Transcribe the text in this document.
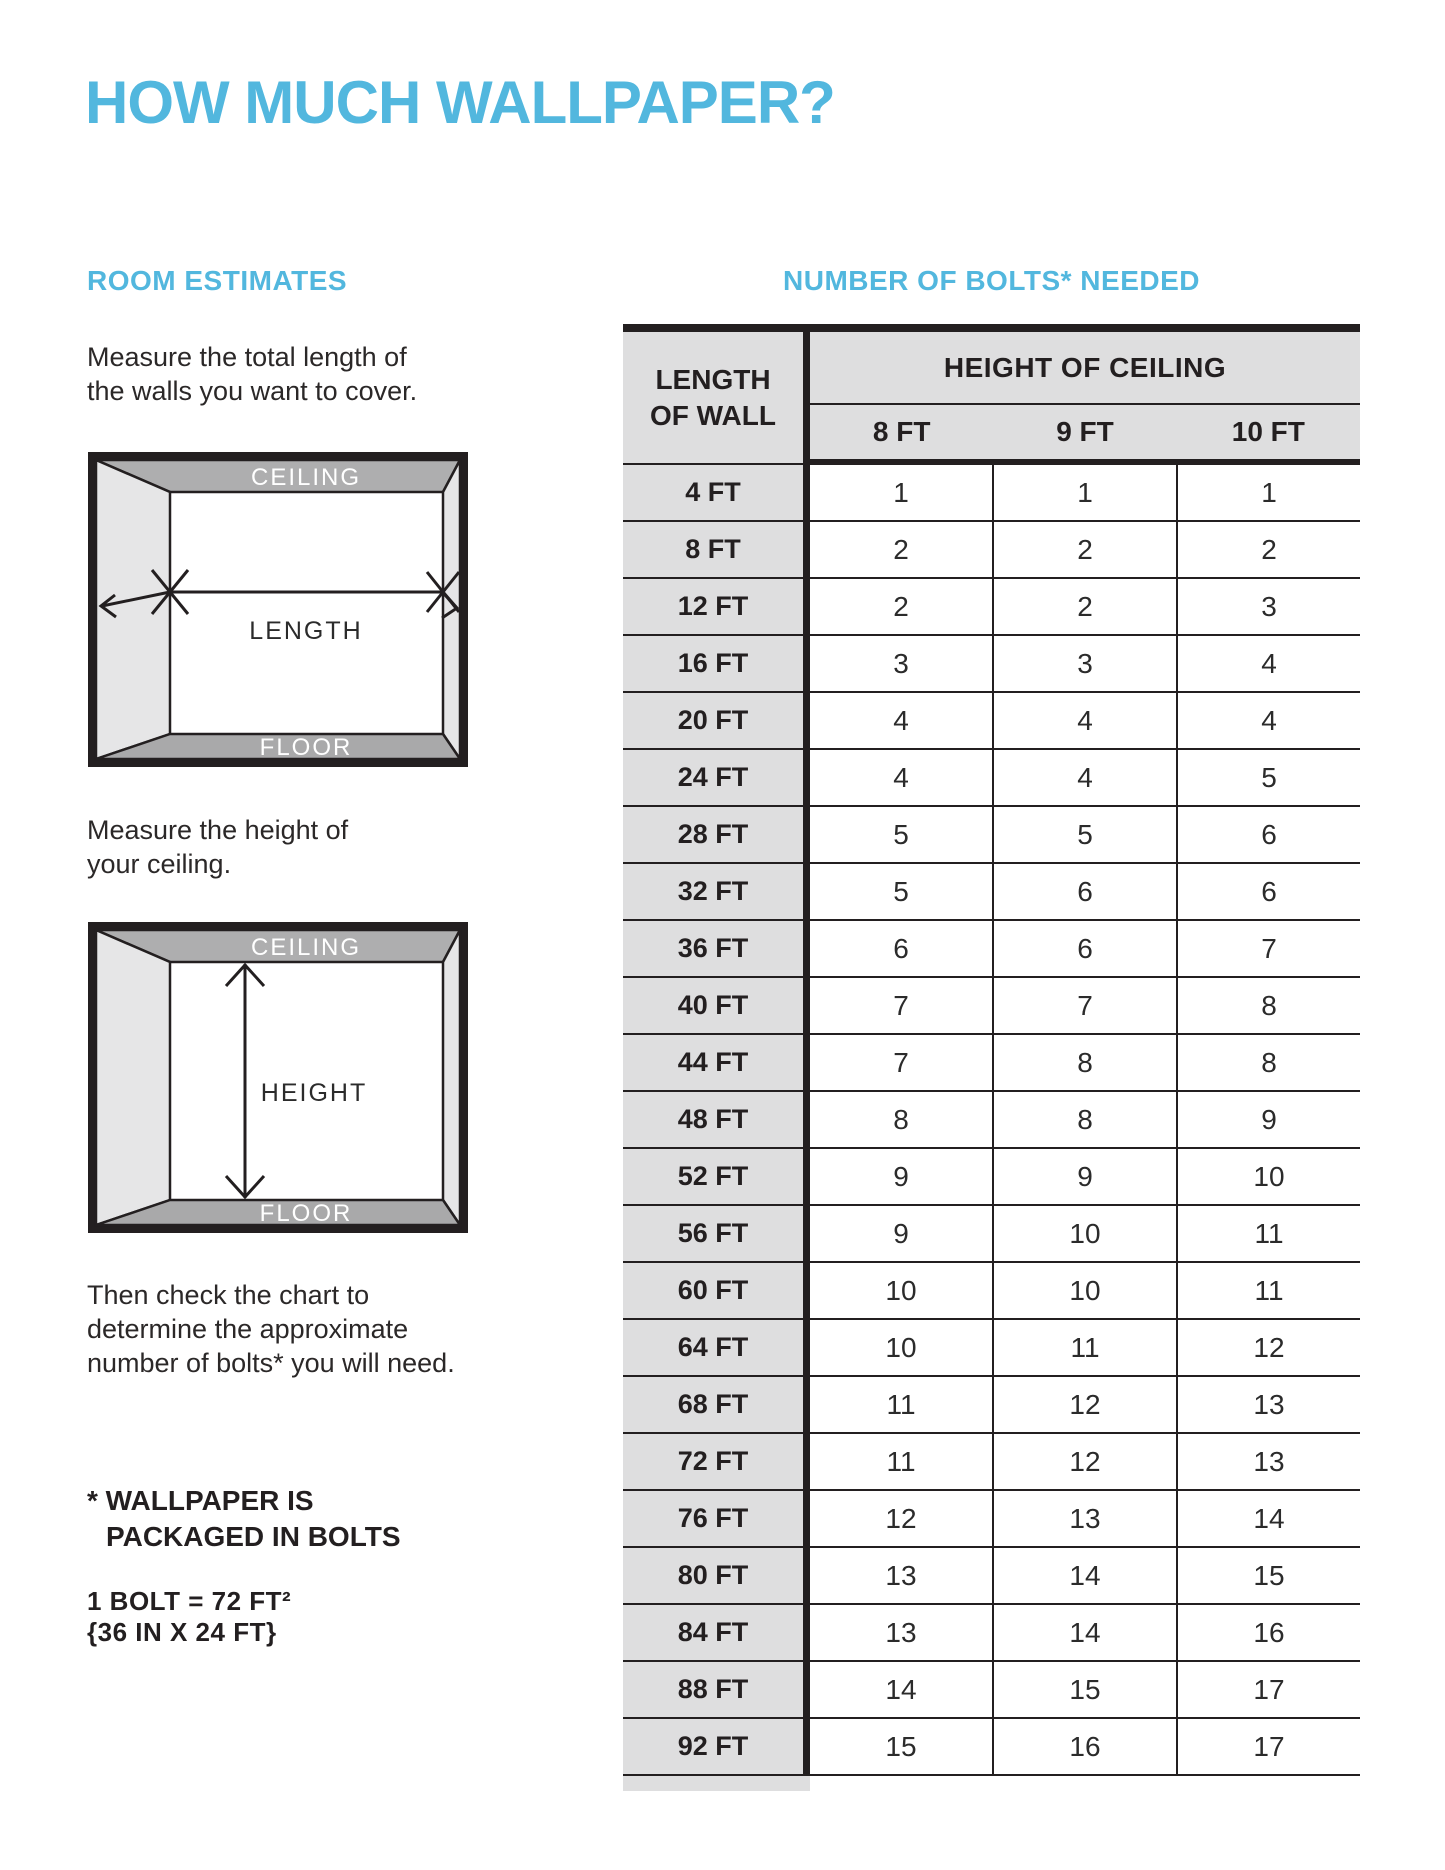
HOW MUCH WALLPAPER?
ROOM ESTIMATES	NUMBER OF BOLTS* NEEDED

Measure the total length of
the walls you want to cover.

CEILING
FLOOR
LENGTH

Measure the height of
your ceiling.

CEILING
FLOOR
HEIGHT

Then check the chart to
determine the approximate
number of bolts* you will need.

* WALLPAPER IS
PACKAGED IN BOLTS

1 BOLT = 72 FT²
{36 IN X 24 FT}

LENGTH
OF WALL
HEIGHT OF CEILING
8 FT	9 FT	10 FT
4 FT	1	1	1
8 FT	2	2	2
12 FT	2	2	3
16 FT	3	3	4
20 FT	4	4	4
24 FT	4	4	5
28 FT	5	5	6
32 FT	5	6	6
36 FT	6	6	7
40 FT	7	7	8
44 FT	7	8	8
48 FT	8	8	9
52 FT	9	9	10
56 FT	9	10	11
60 FT	10	10	11
64 FT	10	11	12
68 FT	11	12	13
72 FT	11	12	13
76 FT	12	13	14
80 FT	13	14	15
84 FT	13	14	16
88 FT	14	15	17
92 FT	15	16	17
